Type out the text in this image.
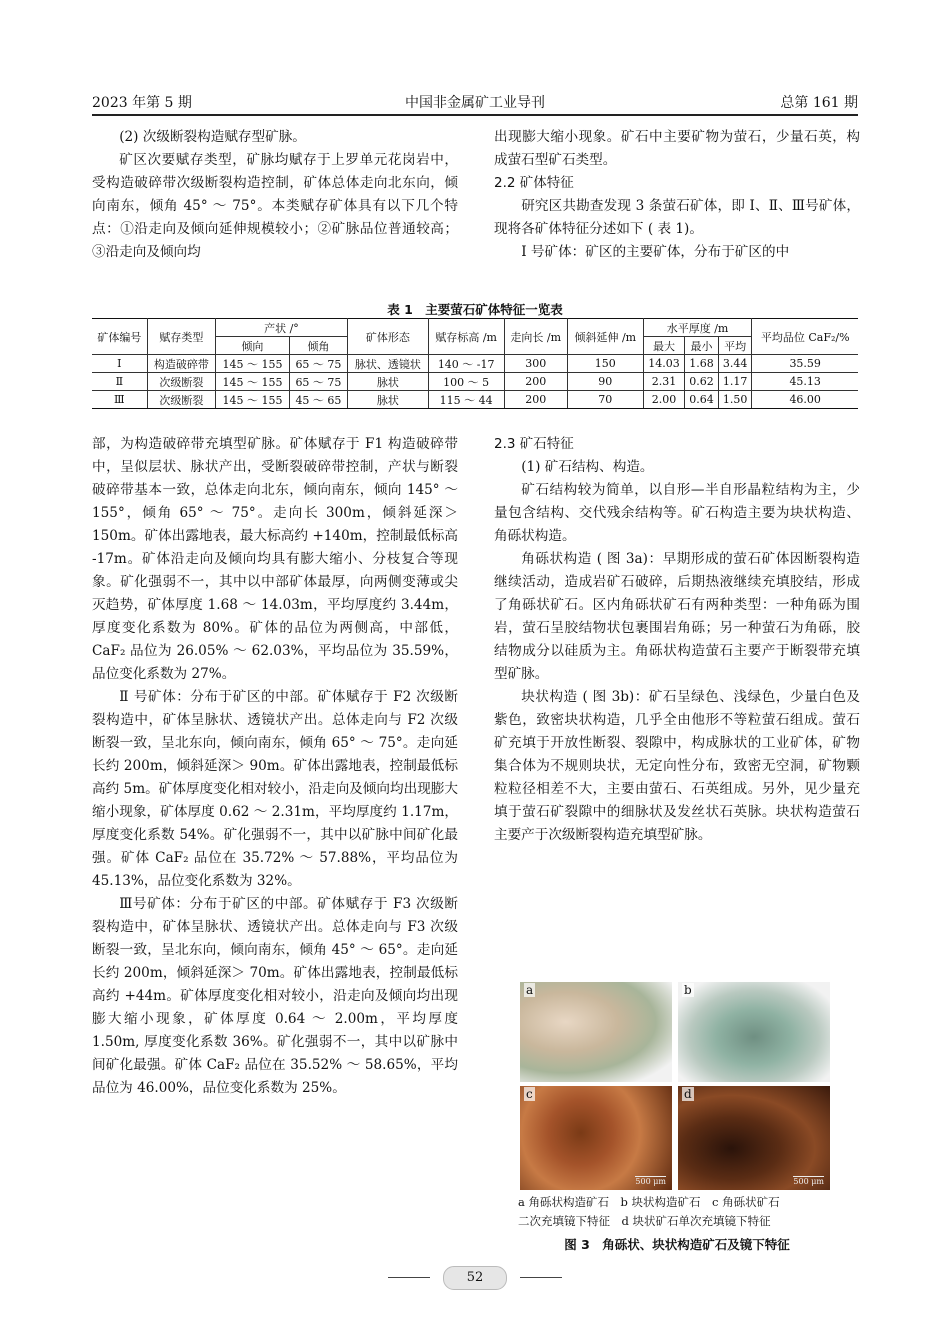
2023 年第 5 期	中国非金属矿工业导刊	总第 161 期

(2) 次级断裂构造赋存型矿脉。

矿区次要赋存类型，矿脉均赋存于上罗单元花岗岩中，受构造破碎带次级断裂构造控制，矿体总体走向北东向，倾向南东，倾角 45° ～ 75°。本类赋存矿体具有以下几个特点：①沿走向及倾向延伸规模较小；②矿脉品位普通较高；③沿走向及倾向均

出现膨大缩小现象。矿石中主要矿物为萤石，少量石英，构成萤石型矿石类型。

2.2 矿体特征

研究区共勘查发现 3 条萤石矿体，即 Ⅰ、Ⅱ、Ⅲ号矿体，现将各矿体特征分述如下 ( 表 1)。

Ⅰ 号矿体：矿区的主要矿体，分布于矿区的中

表 1　主要萤石矿体特征一览表
矿体编号	赋存类型	产状 /°		矿体形态	赋存标高 /m	走向长 /m	倾斜延伸 /m	水平厚度 /m			平均品位 CaF₂/%
		倾向	倾角					最大	最小	平均	
Ⅰ	构造破碎带	145 ～ 155	65 ～ 75	脉状、透镜状	140 ～ -17	300	150	14.03	1.68	3.44	35.59
Ⅱ	次级断裂	145 ～ 155	65 ～ 75	脉状	100 ～ 5	200	90	2.31	0.62	1.17	45.13
Ⅲ	次级断裂	145 ～ 155	45 ～ 65	脉状	115 ～ 44	200	70	2.00	0.64	1.50	46.00

部，为构造破碎带充填型矿脉。矿体赋存于 F1 构造破碎带中，呈似层状、脉状产出，受断裂破碎带控制，产状与断裂破碎带基本一致，总体走向北东，倾向南东，倾向 145° ～ 155°，倾角 65° ～ 75°。走向长 300m，倾斜延深＞ 150m。矿体出露地表，最大标高约 +140m，控制最低标高 -17m。矿体沿走向及倾向均具有膨大缩小、分枝复合等现象。矿化强弱不一，其中以中部矿体最厚，向两侧变薄或尖灭趋势，矿体厚度 1.68 ～ 14.03m，平均厚度约 3.44m，厚度变化系数为 80%。矿体的品位为两侧高，中部低，CaF₂ 品位为 26.05% ～ 62.03%，平均品位为 35.59%，品位变化系数为 27%。

Ⅱ 号矿体：分布于矿区的中部。矿体赋存于 F2 次级断裂构造中，矿体呈脉状、透镜状产出。总体走向与 F2 次级断裂一致，呈北东向，倾向南东，倾角 65° ～ 75°。走向延长约 200m，倾斜延深＞ 90m。矿体出露地表，控制最低标高约 5m。矿体厚度变化相对较小，沿走向及倾向均出现膨大缩小现象，矿体厚度 0.62 ～ 2.31m，平均厚度约 1.17m，厚度变化系数 54%。矿化强弱不一，其中以矿脉中间矿化最强。矿体 CaF₂ 品位在 35.72% ～ 57.88%，平均品位为 45.13%，品位变化系数为 32%。

Ⅲ号矿体：分布于矿区的中部。矿体赋存于 F3 次级断裂构造中，矿体呈脉状、透镜状产出。总体走向与 F3 次级断裂一致，呈北东向，倾向南东，倾角 45° ～ 65°。走向延长约 200m，倾斜延深＞ 70m。矿体出露地表，控制最低标高约 +44m。矿体厚度变化相对较小，沿走向及倾向均出现膨大缩小现象，矿体厚度 0.64 ～ 2.00m，平均厚度 1.50m, 厚度变化系数 36%。矿化强弱不一，其中以矿脉中间矿化最强。矿体 CaF₂ 品位在 35.52% ～ 58.65%，平均品位为 46.00%，品位变化系数为 25%。

2.3 矿石特征

(1) 矿石结构、构造。

矿石结构较为简单，以自形—半自形晶粒结构为主，少量包含结构、交代残余结构等。矿石构造主要为块状构造、角砾状构造。

角砾状构造 ( 图 3a)：早期形成的萤石矿体因断裂构造继续活动，造成岩矿石破碎，后期热液继续充填胶结，形成了角砾状矿石。区内角砾状矿石有两种类型：一种角砾为围岩，萤石呈胶结物状包裹围岩角砾；另一种萤石为角砾，胶结物成分以硅质为主。角砾状构造萤石主要产于断裂带充填型矿脉。

块状构造 ( 图 3b)：矿石呈绿色、浅绿色，少量白色及紫色，致密块状构造，几乎全由他形不等粒萤石组成。萤石矿充填于开放性断裂、裂隙中，构成脉状的工业矿体，矿物集合体为不规则块状，无定向性分布，致密无空洞，矿物颗粒粒径相差不大，主要由萤石、石英组成。另外，见少量充填于萤石矿裂隙中的细脉状及发丝状石英脉。块状构造萤石主要产于次级断裂构造充填型矿脉。

a	b
c
500 μm
d
500 μm
a 角砾状构造矿石　b 块状构造矿石　c 角砾状矿石
二次充填镜下特征　d 块状矿石单次充填镜下特征
图 3　角砾状、块状构造矿石及镜下特征
52
